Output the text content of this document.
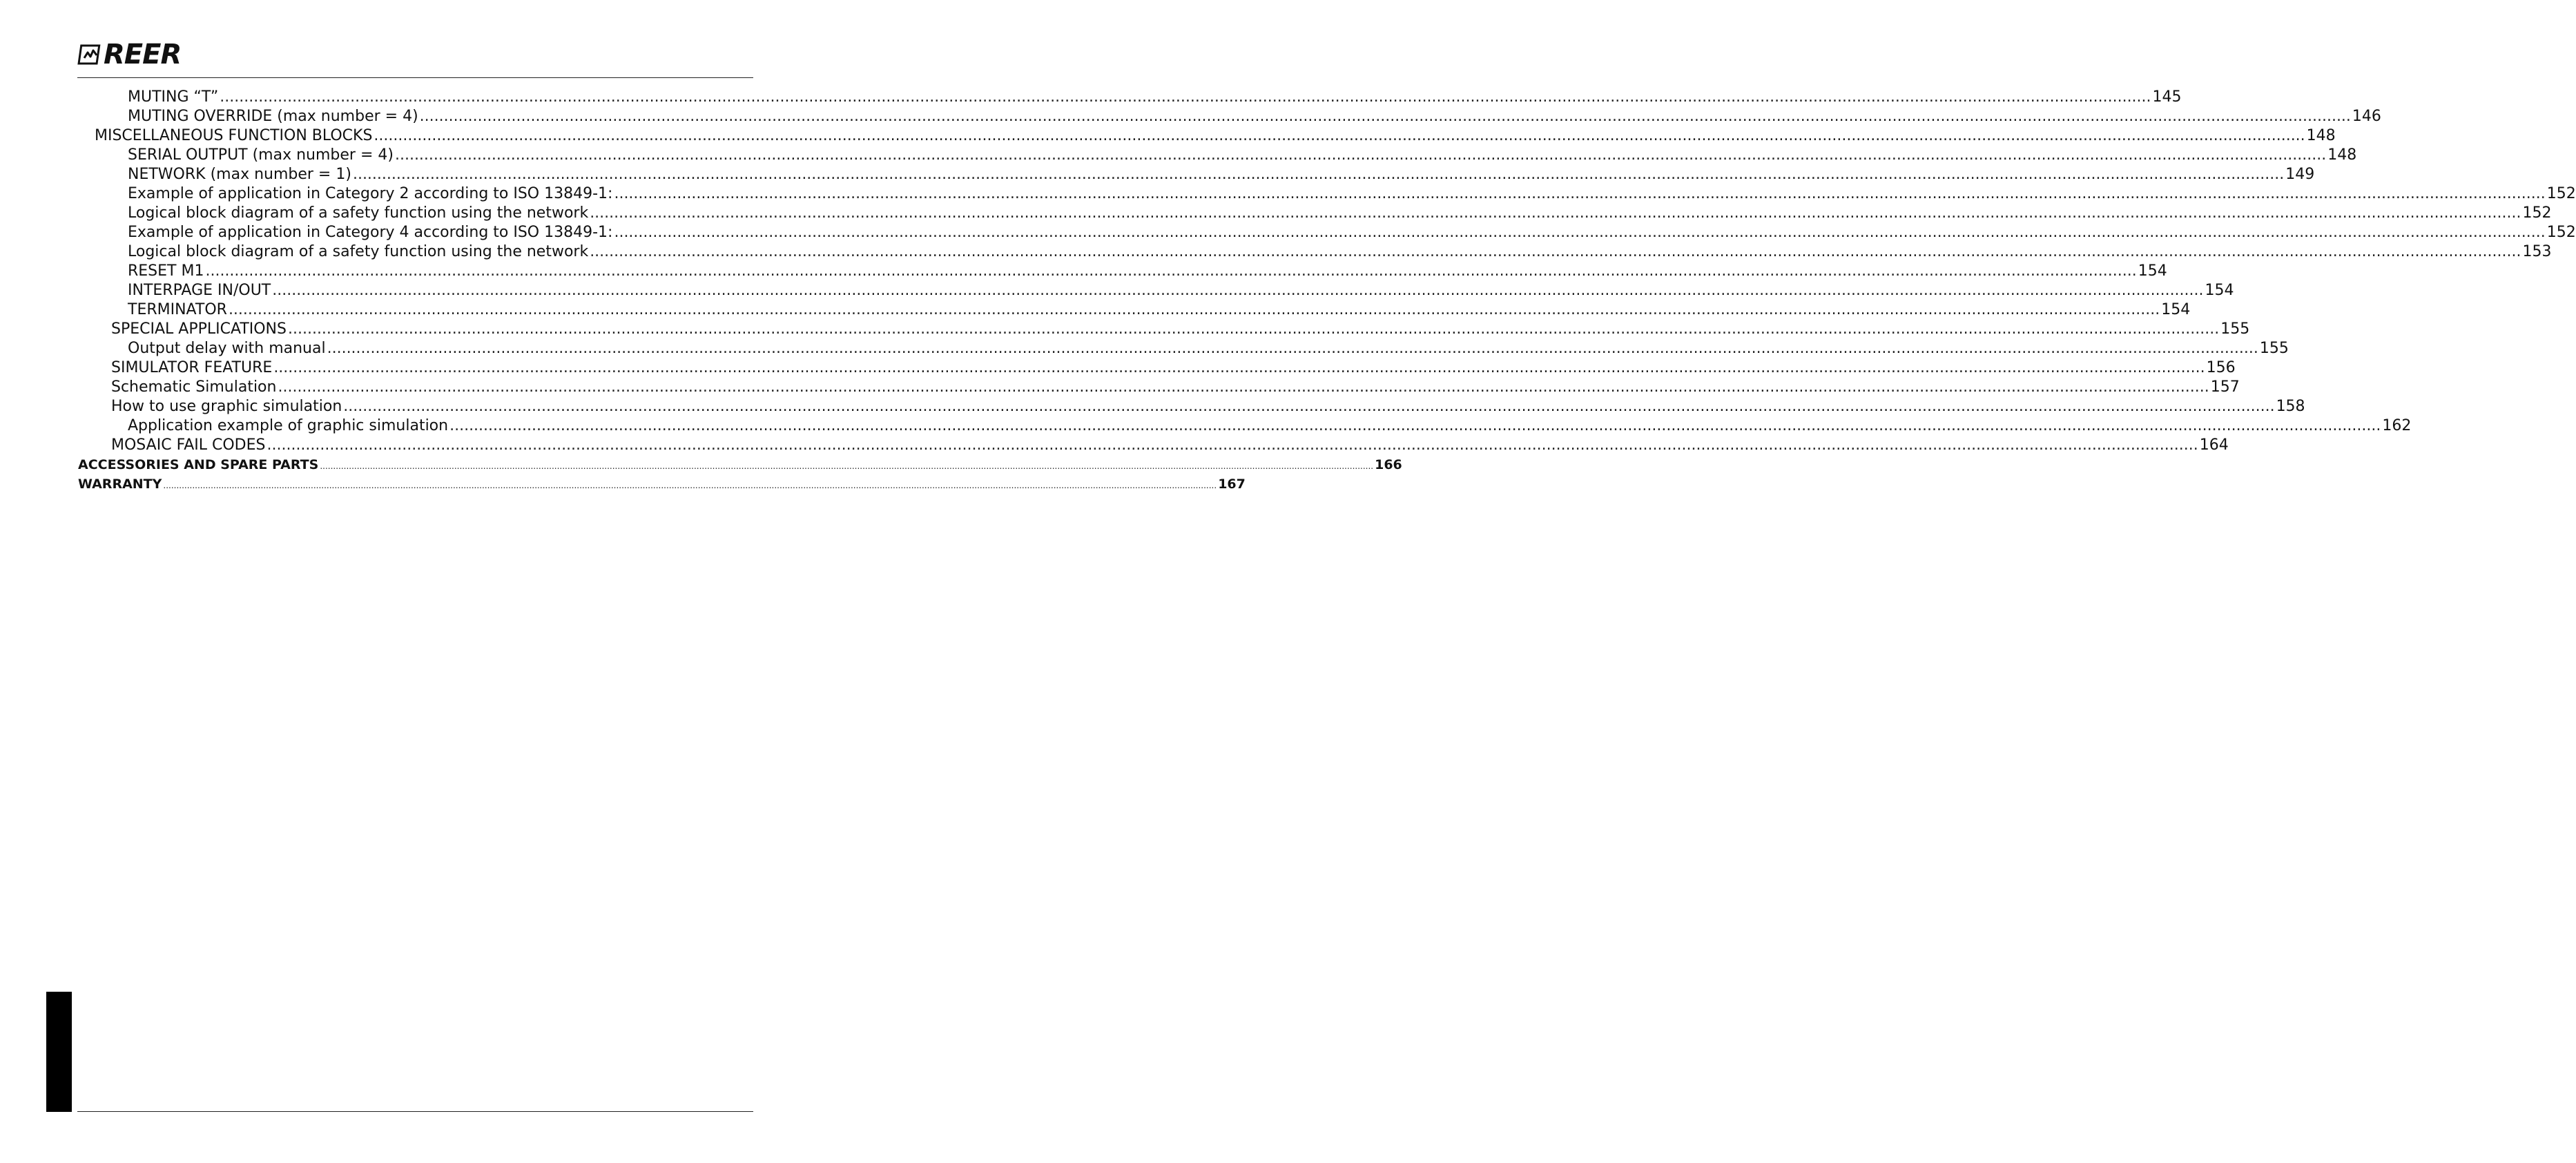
REER
MUTING “T” ................................................................................................................................................................................................................................................................................................................................................................................................................ 145
MUTING OVERRIDE (max number = 4) ................................................................................................................................................................................................................................................................................................................................................................................................................ 146
MISCELLANEOUS FUNCTION BLOCKS ................................................................................................................................................................................................................................................................................................................................................................................................................ 148
SERIAL OUTPUT (max number = 4) ................................................................................................................................................................................................................................................................................................................................................................................................................ 148
NETWORK (max number = 1) ................................................................................................................................................................................................................................................................................................................................................................................................................ 149
Example of application in Category 2 according to ISO 13849-1: ................................................................................................................................................................................................................................................................................................................................................................................................................ 152
Logical block diagram of a safety function using the network ................................................................................................................................................................................................................................................................................................................................................................................................................ 152
Example of application in Category 4 according to ISO 13849-1: ................................................................................................................................................................................................................................................................................................................................................................................................................ 152
Logical block diagram of a safety function using the network ................................................................................................................................................................................................................................................................................................................................................................................................................ 153
RESET M1 ................................................................................................................................................................................................................................................................................................................................................................................................................ 154
INTERPAGE IN/OUT ................................................................................................................................................................................................................................................................................................................................................................................................................ 154
TERMINATOR ................................................................................................................................................................................................................................................................................................................................................................................................................ 154
SPECIAL APPLICATIONS ................................................................................................................................................................................................................................................................................................................................................................................................................ 155
Output delay with manual ................................................................................................................................................................................................................................................................................................................................................................................................................ 155
SIMULATOR FEATURE ................................................................................................................................................................................................................................................................................................................................................................................................................ 156
Schematic Simulation ................................................................................................................................................................................................................................................................................................................................................................................................................ 157
How to use graphic simulation ................................................................................................................................................................................................................................................................................................................................................................................................................ 158
Application example of graphic simulation ................................................................................................................................................................................................................................................................................................................................................................................................................ 162
MOSAIC FAIL CODES ................................................................................................................................................................................................................................................................................................................................................................................................................ 164
ACCESSORIES AND SPARE PARTS ................................................................................................................................................................................................................................................................................................................................................................................................................ 166
WARRANTY ................................................................................................................................................................................................................................................................................................................................................................................................................ 167
